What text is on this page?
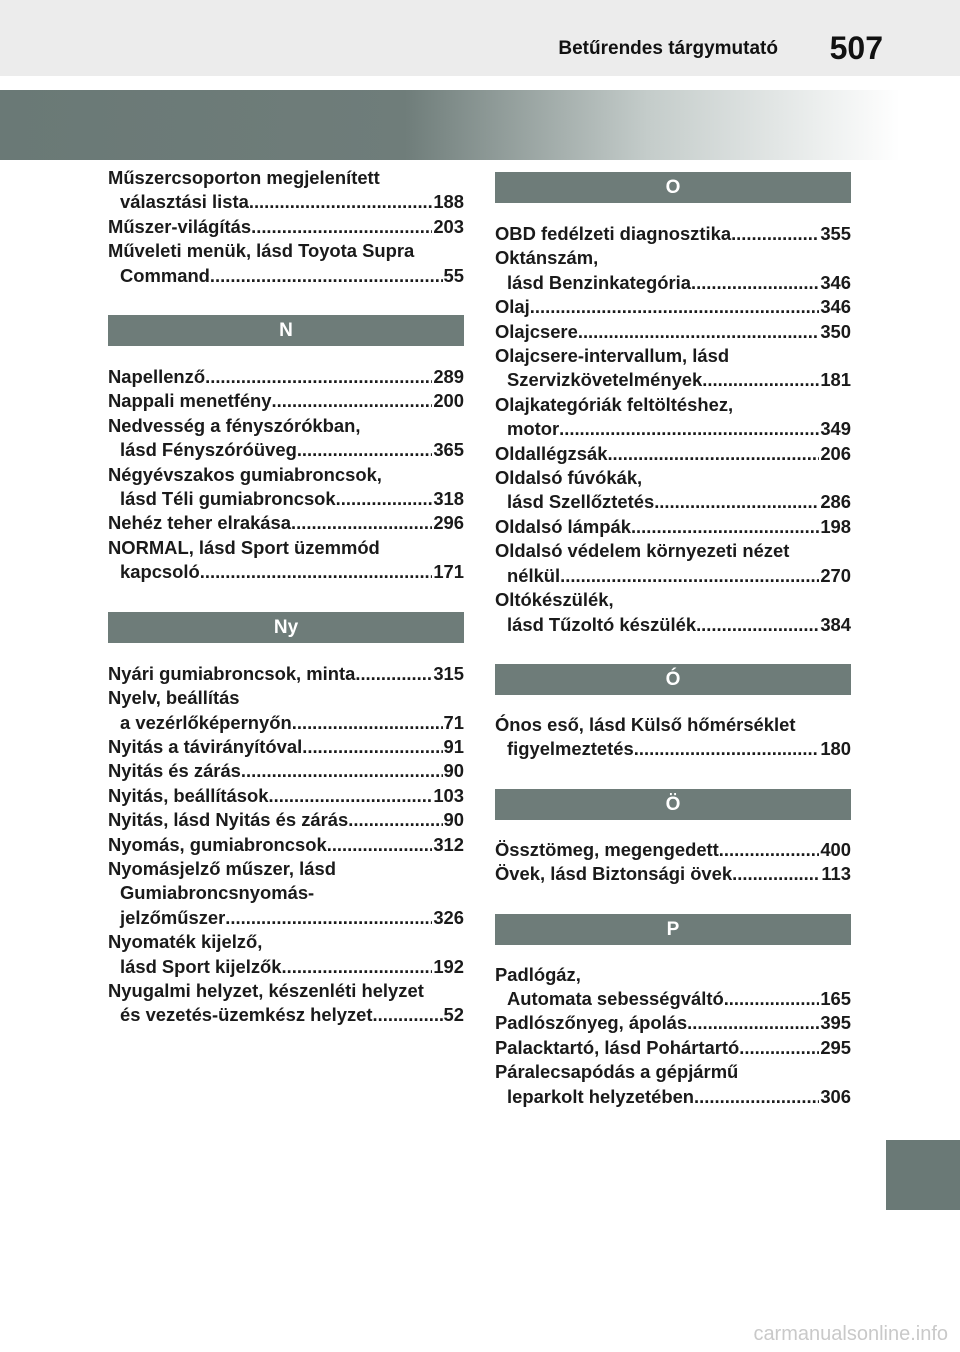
Betűrendes tárgymutató 507
Műszercsoporton megjelenített
választási lista .....	188
Műszer-világítás .....	203
Műveleti menük, lásd Toyota Supra
Command .....	55
N
Napellenző .....	289
Nappali menetfény .....	200
Nedvesség a fényszórókban,
lásd Fényszóróüveg .....	365
Négyévszakos gumiabroncsok,
lásd Téli gumiabroncsok .....	318
Nehéz teher elrakása .....	296
NORMAL, lásd Sport üzemmód
kapcsoló .....	171
Ny
Nyári gumiabroncsok, minta .....	315
Nyelv, beállítás
a vezérlőképernyőn .....	71
Nyitás a távirányítóval .....	91
Nyitás és zárás .....	90
Nyitás, beállítások .....	103
Nyitás, lásd Nyitás és zárás .....	90
Nyomás, gumiabroncsok .....	312
Nyomásjelző műszer, lásd
Gumiabroncsnyomás-
jelzőműszer .....	326
Nyomaték kijelző,
lásd Sport kijelzők .....	192
Nyugalmi helyzet, készenléti helyzet
és vezetés-üzemkész helyzet .....	52
O
OBD fedélzeti diagnosztika .....	355
Oktánszám,
lásd Benzinkategória .....	346
Olaj .....	346
Olajcsere .....	350
Olajcsere-intervallum, lásd
Szervizkövetelmények .....	181
Olajkategóriák feltöltéshez,
motor .....	349
Oldallégzsák .....	206
Oldalsó fúvókák,
lásd Szellőztetés .....	286
Oldalsó lámpák .....	198
Oldalsó védelem környezeti nézet
nélkül .....	270
Oltókészülék,
lásd Tűzoltó készülék .....	384
Ó
Ónos eső, lásd Külső hőmérséklet
figyelmeztetés .....	180
Ö
Össztömeg, megengedett .....	400
Övek, lásd Biztonsági övek .....	113
P
Padlógáz,
Automata sebességváltó .....	165
Padlószőnyeg, ápolás .....	395
Palacktartó, lásd Pohártartó .....	295
Páralecsapódás a gépjármű
leparkolt helyzetében .....	306
carmanualsonline.info
